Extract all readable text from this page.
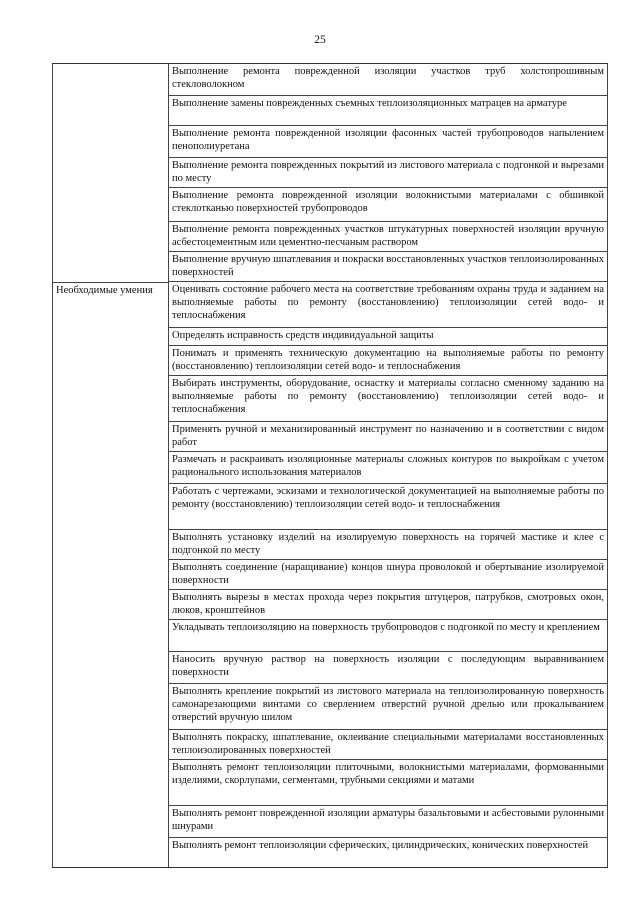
25
Необходимые умения
Выполнение ремонта поврежденной изоляции участков труб холстопрошивным стекловолокном
Выполнение замены поврежденных съемных теплоизоляционных матрацев на арматуре
Выполнение ремонта поврежденной изоляции фасонных частей трубопроводов напылением пенополиуретана
Выполнение ремонта поврежденных покрытий из листового материала с подгонкой и вырезами по месту
Выполнение ремонта поврежденной изоляции волокнистыми материалами с обшивкой стеклотканью поверхностей трубопроводов
Выполнение ремонта поврежденных участков штукатурных поверхностей изоляции вручную асбестоцементным или цементно-песчаным раствором
Выполнение вручную шпатлевания и покраски восстановленных участков теплоизолированных поверхностей
Оценивать состояние рабочего места на соответствие требованиям охраны труда и заданием на выполняемые работы по ремонту (восстановлению) теплоизоляции сетей водо- и теплоснабжения
Определять исправность средств индивидуальной защиты
Понимать и применять техническую документацию на выполняемые работы по ремонту (восстановлению) теплоизоляции сетей водо- и теплоснабжения
Выбирать инструменты, оборудование, оснастку и материалы согласно сменному заданию на выполняемые работы по ремонту (восстановлению) теплоизоляции сетей водо- и теплоснабжения
Применять ручной и механизированный инструмент по назначению и в соответствии с видом работ
Размечать и раскраивать изоляционные материалы сложных контуров по выкройкам с учетом рационального использования материалов
Работать с чертежами, эскизами и технологической документацией на выполняемые работы по ремонту (восстановлению) теплоизоляции сетей водо- и теплоснабжения
Выполнять установку изделий на изолируемую поверхность на горячей мастике и клее с подгонкой по месту
Выполнять соединение (наращивание) концов шнура проволокой и обертывание изолируемой поверхности
Выполнять вырезы в местах прохода через покрытия штуцеров, патрубков, смотровых окон, люков, кронштейнов
Укладывать теплоизоляцию на поверхность трубопроводов с подгонкой по месту и креплением
Наносить вручную раствор на поверхность изоляции с последующим выравниванием поверхности
Выполнять крепление покрытий из листового материала на теплоизолированную поверхность самонарезающими винтами со сверлением отверстий ручной дрелью или прокалыванием отверстий вручную шилом
Выполнять покраску, шпатлевание, оклеивание специальными материалами восстановленных теплоизолированных поверхностей
Выполнять ремонт теплоизоляции плиточными, волокнистыми материалами, формованными изделиями, скорлупами, сегментами, трубными секциями и матами
Выполнять ремонт поврежденной изоляции арматуры базальтовыми и асбестовыми рулонными шнурами
Выполнять ремонт теплоизоляции сферических, цилиндрических, конических поверхностей
